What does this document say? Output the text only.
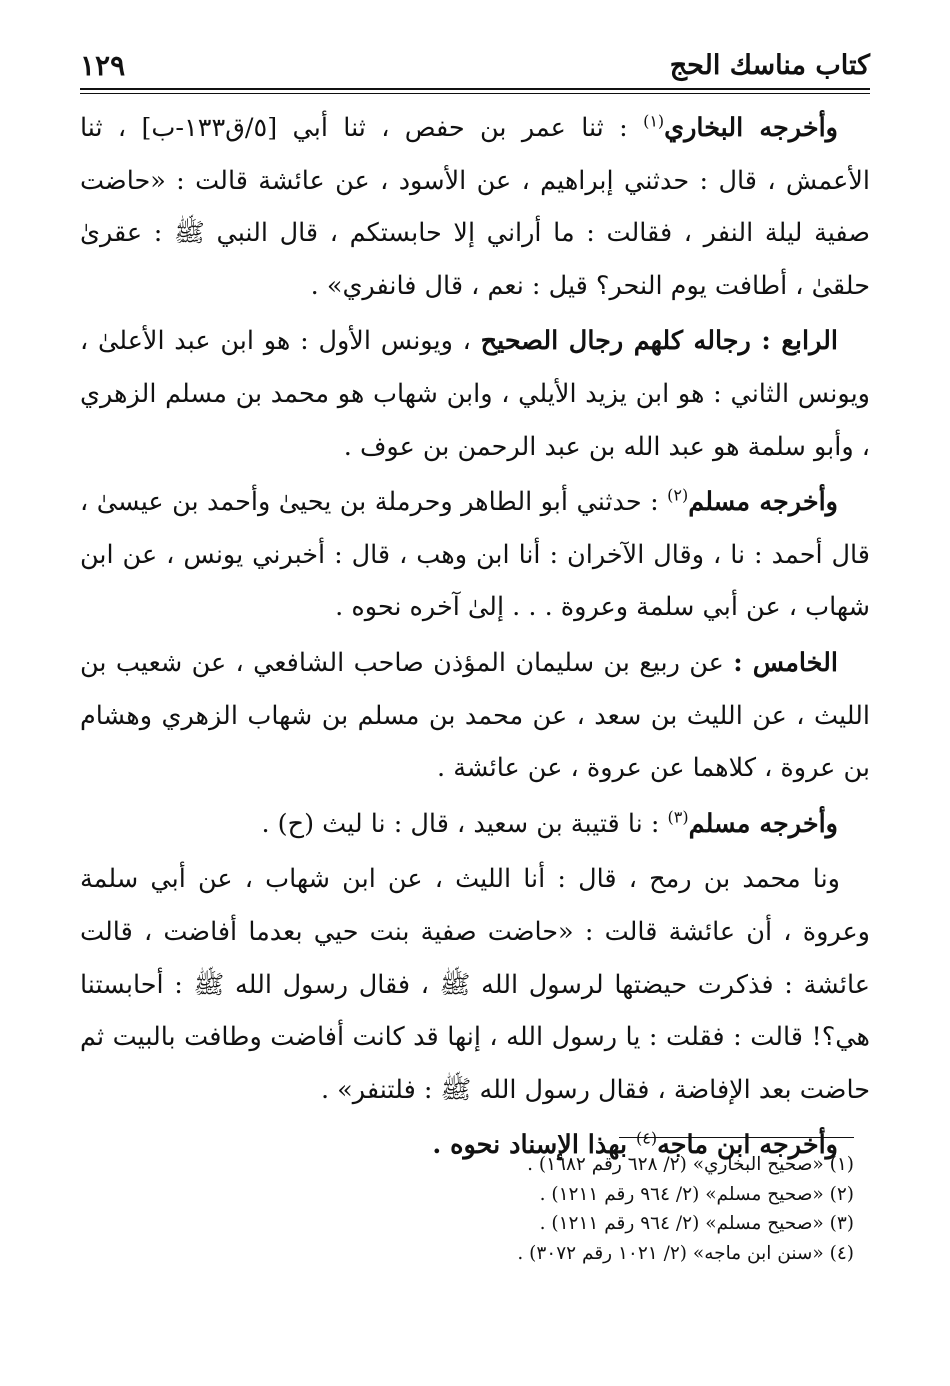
كتاب مناسك الحج
١٢٩

وأخرجه البخاري$^{(١)}$ : ثنا عمر بن حفص ، ثنا أبي [٥/ق١٣٣-ب] ، ثنا الأعمش ، قال : حدثني إبراهيم ، عن الأسود ، عن عائشة قالت : «حاضت صفية ليلة النفر ، فقالت : ما أراني إلا حابستكم ، قال النبي ﷺ : عقرىٰ حلقىٰ ، أطافت يوم النحر؟ قيل : نعم ، قال فانفري» .

الرابع : رجاله كلهم رجال الصحيح ، ويونس الأول : هو ابن عبد الأعلىٰ ، ويونس الثاني : هو ابن يزيد الأيلي ، وابن شهاب هو محمد بن مسلم الزهري ، وأبو سلمة هو عبد الله بن عبد الرحمن بن عوف .

وأخرجه مسلم$^{(٢)}$ : حدثني أبو الطاهر وحرملة بن يحيىٰ وأحمد بن عيسىٰ ، قال أحمد : نا ، وقال الآخران : أنا ابن وهب ، قال : أخبرني يونس ، عن ابن شهاب ، عن أبي سلمة وعروة . . . إلىٰ آخره نحوه .

الخامس : عن ربيع بن سليمان المؤذن صاحب الشافعي ، عن شعيب بن الليث ، عن الليث بن سعد ، عن محمد بن مسلم بن شهاب الزهري وهشام بن عروة ، كلاهما عن عروة ، عن عائشة .

وأخرجه مسلم$^{(٣)}$ : نا قتيبة بن سعيد ، قال : نا ليث (ح) .

ونا محمد بن رمح ، قال : أنا الليث ، عن ابن شهاب ، عن أبي سلمة وعروة ، أن عائشة قالت : «حاضت صفية بنت حيي بعدما أفاضت ، قالت عائشة : فذكرت حيضتها لرسول الله ﷺ ، فقال رسول الله ﷺ : أحابستنا هي؟! قالت : فقلت : يا رسول الله ، إنها قد كانت أفاضت وطافت بالبيت ثم حاضت بعد الإفاضة ، فقال رسول الله ﷺ : فلتنفر» .

وأخرجه ابن ماجه$^{(٤)}$ بهذا الإسناد نحوه .

(١) «صحيح البخاري» (٢/ ٦٢٨ رقم ١٦٨٢) .
(٢) «صحيح مسلم» (٢/ ٩٦٤ رقم ١٢١١) .
(٣) «صحيح مسلم» (٢/ ٩٦٤ رقم ١٢١١) .
(٤) «سنن ابن ماجه» (٢/ ١٠٢١ رقم ٣٠٧٢) .
